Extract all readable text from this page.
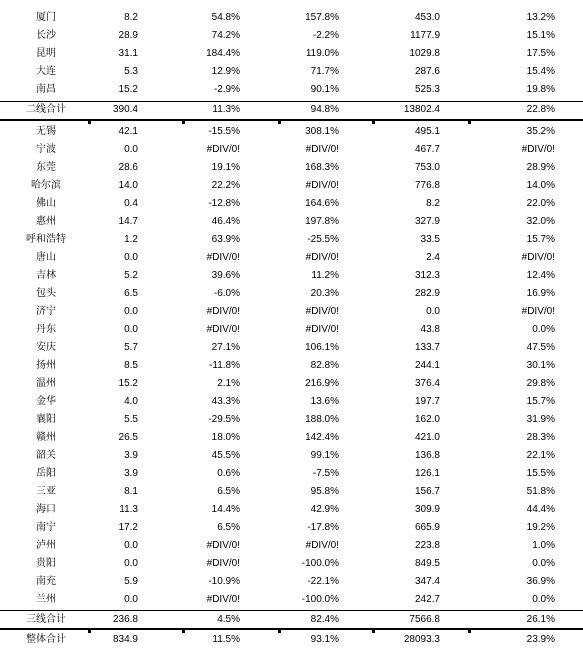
厦门	8.2	54.8%	157.8%	453.0	13.2%
长沙	28.9	74.2%	-2.2%	1177.9	15.1%
昆明	31.1	184.4%	119.0%	1029.8	17.5%
大连	5.3	12.9%	71.7%	287.6	15.4%
南昌	15.2	-2.9%	90.1%	525.3	19.8%
二线合计	390.4	11.3%	94.8%	13802.4	22.8%
无锡	42.1	-15.5%	308.1%	495.1	35.2%
宁波	0.0	#DIV/0!	#DIV/0!	467.7	#DIV/0!
东莞	28.6	19.1%	168.3%	753.0	28.9%
哈尔滨	14.0	22.2%	#DIV/0!	776.8	14.0%
佛山	0.4	-12.8%	164.6%	8.2	22.0%
惠州	14.7	46.4%	197.8%	327.9	32.0%
呼和浩特	1.2	63.9%	-25.5%	33.5	15.7%
唐山	0.0	#DIV/0!	#DIV/0!	2.4	#DIV/0!
吉林	5.2	39.6%	11.2%	312.3	12.4%
包头	6.5	-6.0%	20.3%	282.9	16.9%
济宁	0.0	#DIV/0!	#DIV/0!	0.0	#DIV/0!
丹东	0.0	#DIV/0!	#DIV/0!	43.8	0.0%
安庆	5.7	27.1%	106.1%	133.7	47.5%
扬州	8.5	-11.8%	82.8%	244.1	30.1%
温州	15.2	2.1%	216.9%	376.4	29.8%
金华	4.0	43.3%	13.6%	197.7	15.7%
襄阳	5.5	-29.5%	188.0%	162.0	31.9%
赣州	26.5	18.0%	142.4%	421.0	28.3%
韶关	3.9	45.5%	99.1%	136.8	22.1%
岳阳	3.9	0.6%	-7.5%	126.1	15.5%
三亚	8.1	6.5%	95.8%	156.7	51.8%
海口	11.3	14.4%	42.9%	309.9	44.4%
南宁	17.2	6.5%	-17.8%	665.9	19.2%
泸州	0.0	#DIV/0!	#DIV/0!	223.8	1.0%
贵阳	0.0	#DIV/0!	-100.0%	849.5	0.0%
南充	5.9	-10.9%	-22.1%	347.4	36.9%
兰州	0.0	#DIV/0!	-100.0%	242.7	0.0%
三线合计	236.8	4.5%	82.4%	7566.8	26.1%
整体合计	834.9	11.5%	93.1%	28093.3	23.9%
